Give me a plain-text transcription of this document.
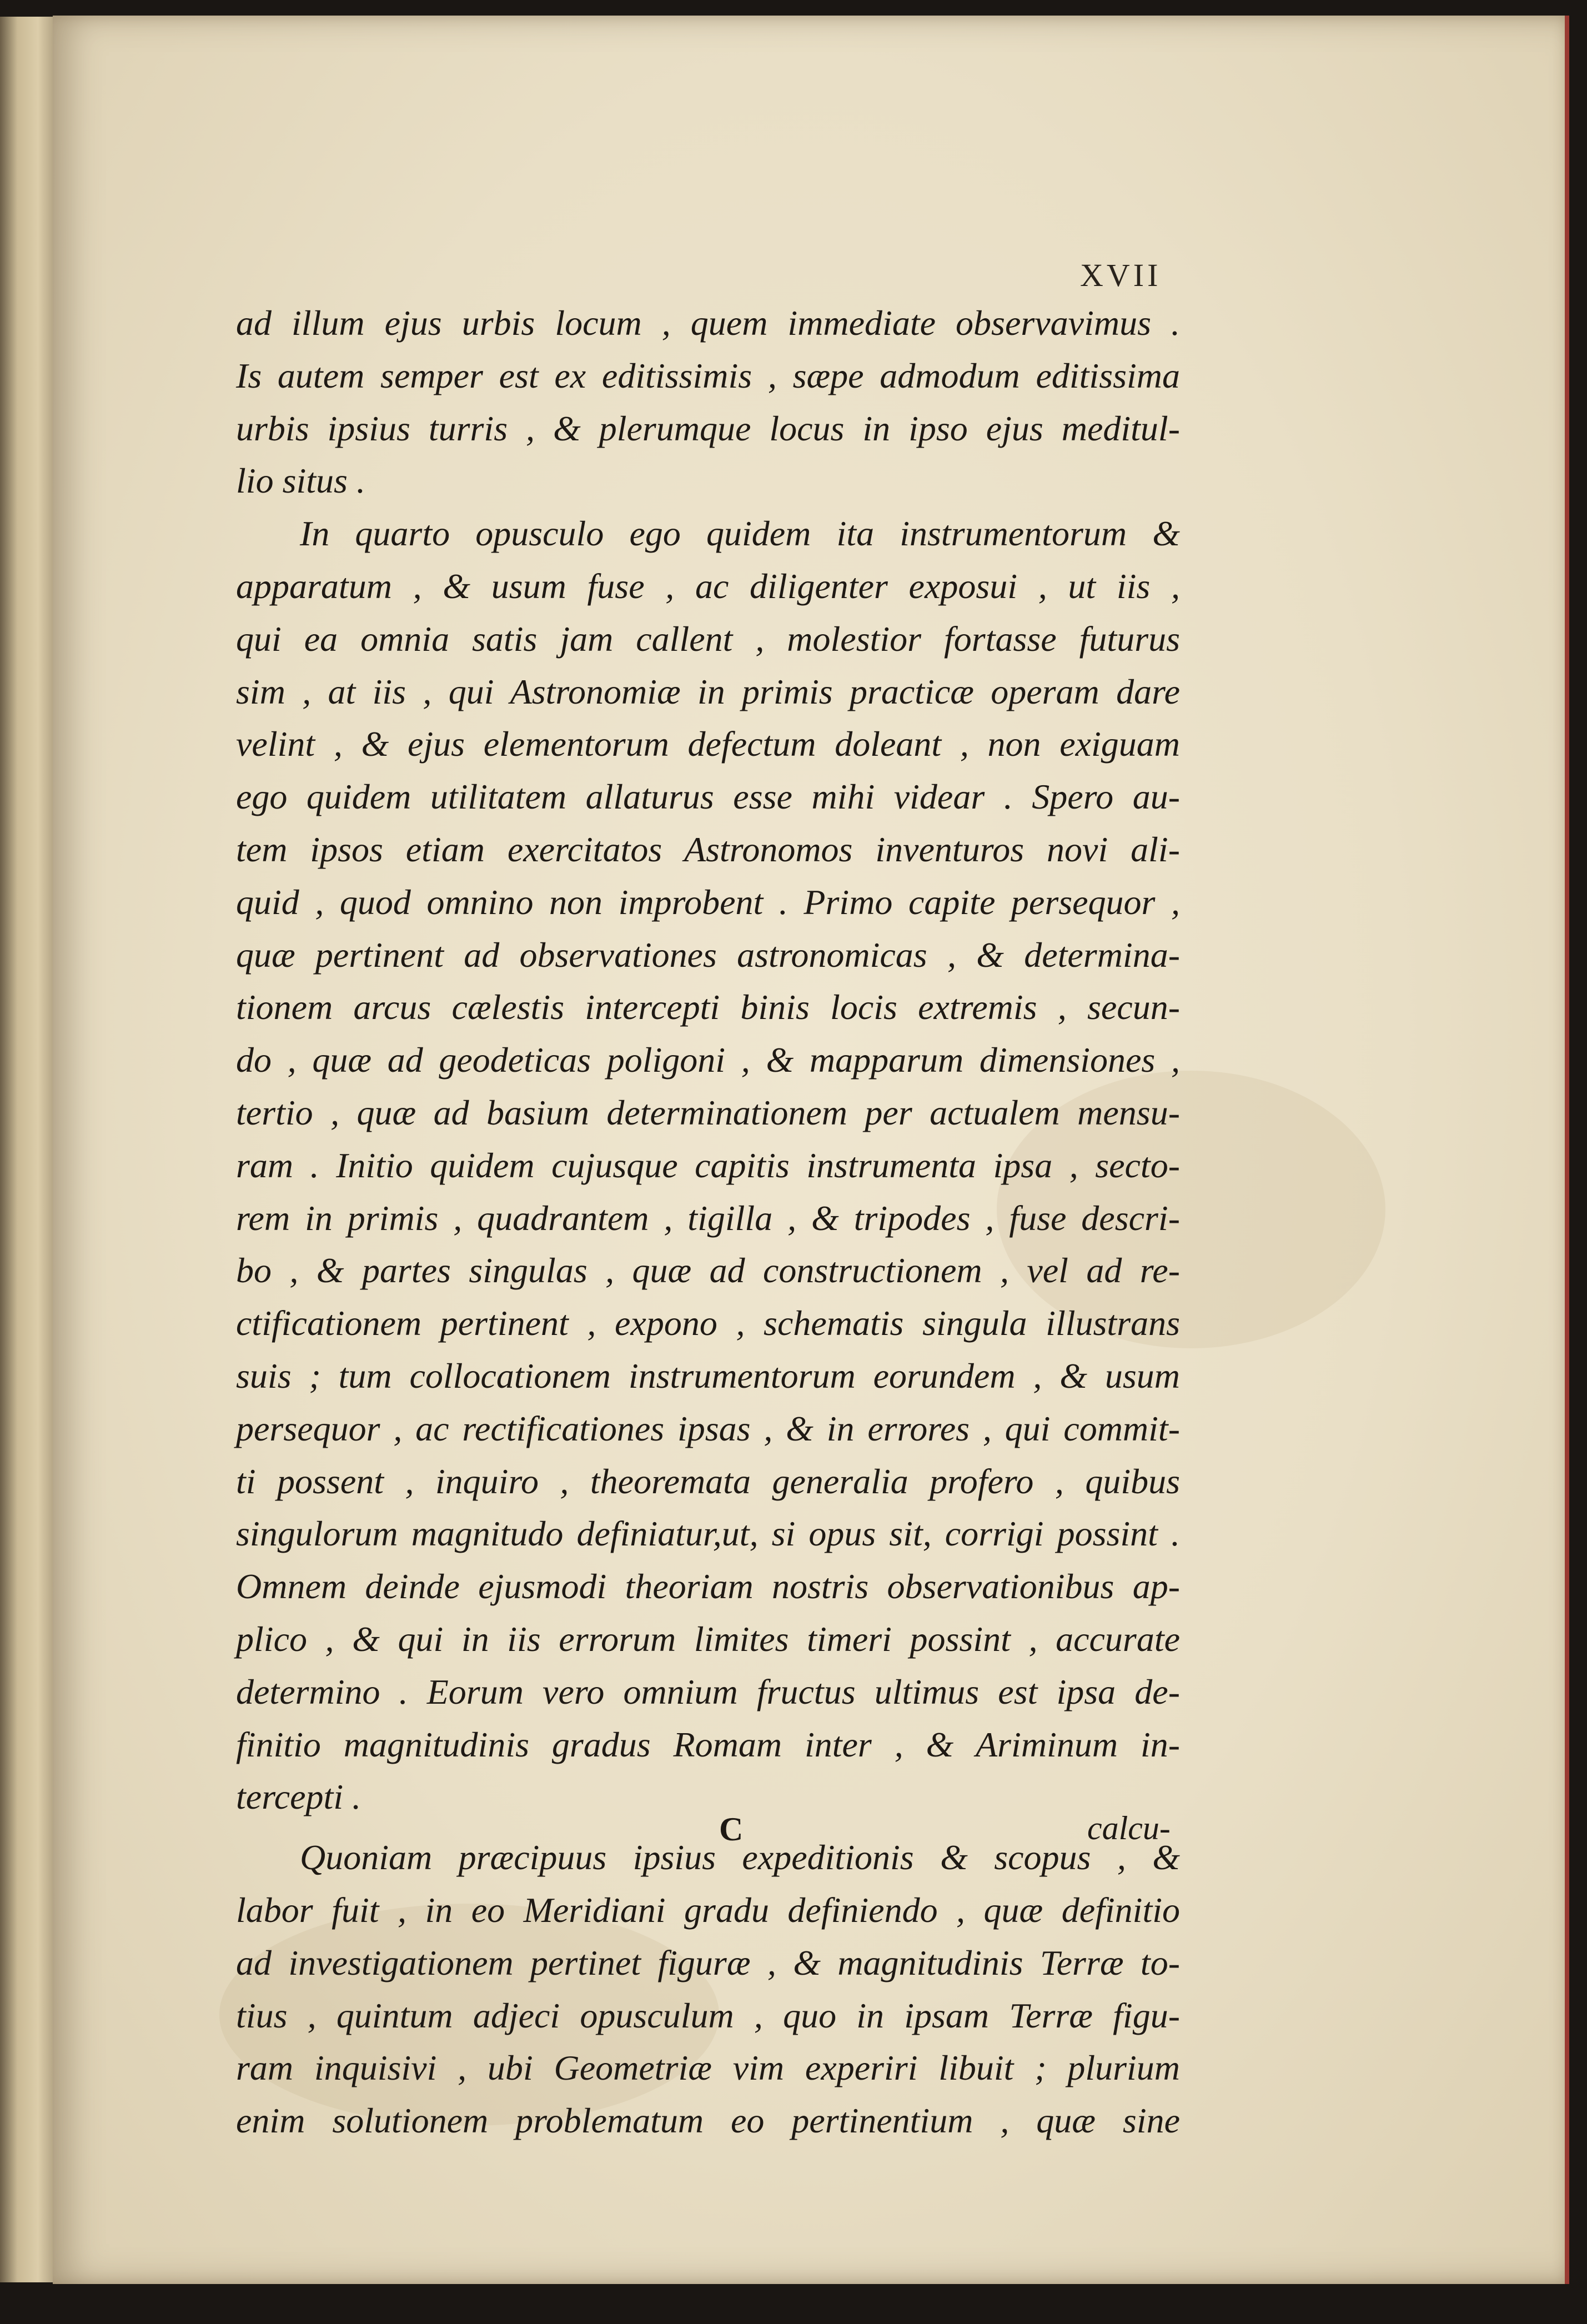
XVII
ad illum ejus urbis locum , quem immediate observavimus .
Is autem semper est ex editissimis , sæpe admodum editissima
urbis ipsius turris , & plerumque locus in ipso ejus meditul-
lio situs .
In quarto opusculo ego quidem ita instrumentorum &
apparatum , & usum fuse , ac diligenter exposui , ut iis ,
qui ea omnia satis jam callent , molestior fortasse futurus
sim , at iis , qui Astronomiæ in primis practicæ operam dare
velint , & ejus elementorum defectum doleant , non exiguam
ego quidem utilitatem allaturus esse mihi videar . Spero au-
tem ipsos etiam exercitatos Astronomos inventuros novi ali-
quid , quod omnino non improbent . Primo capite persequor ,
quæ pertinent ad observationes astronomicas , & determina-
tionem arcus cælestis intercepti binis locis extremis , secun-
do , quæ ad geodeticas poligoni , & mapparum dimensiones ,
tertio , quæ ad basium determinationem per actualem mensu-
ram . Initio quidem cujusque capitis instrumenta ipsa , secto-
rem in primis , quadrantem , tigilla , & tripodes , fuse descri-
bo , & partes singulas , quæ ad constructionem , vel ad re-
ctificationem pertinent , expono , schematis singula illustrans
suis ; tum collocationem instrumentorum eorundem , & usum
persequor , ac rectificationes ipsas , & in errores , qui commit-
ti possent , inquiro , theoremata generalia profero , quibus
singulorum magnitudo definiatur,ut, si opus sit, corrigi possint .
Omnem deinde ejusmodi theoriam nostris observationibus ap-
plico , & qui in iis errorum limites timeri possint , accurate
determino . Eorum vero omnium fructus ultimus est ipsa de-
finitio magnitudinis gradus Romam inter , & Ariminum in-
tercepti .
Quoniam præcipuus ipsius expeditionis & scopus , &
labor fuit , in eo Meridiani gradu definiendo , quæ definitio
ad investigationem pertinet figuræ , & magnitudinis Terræ to-
tius , quintum adjeci opusculum , quo in ipsam Terræ figu-
ram inquisivi , ubi Geometriæ vim experiri libuit ; plurium
enim solutionem problematum eo pertinentium , quæ sine
C	calcu-
